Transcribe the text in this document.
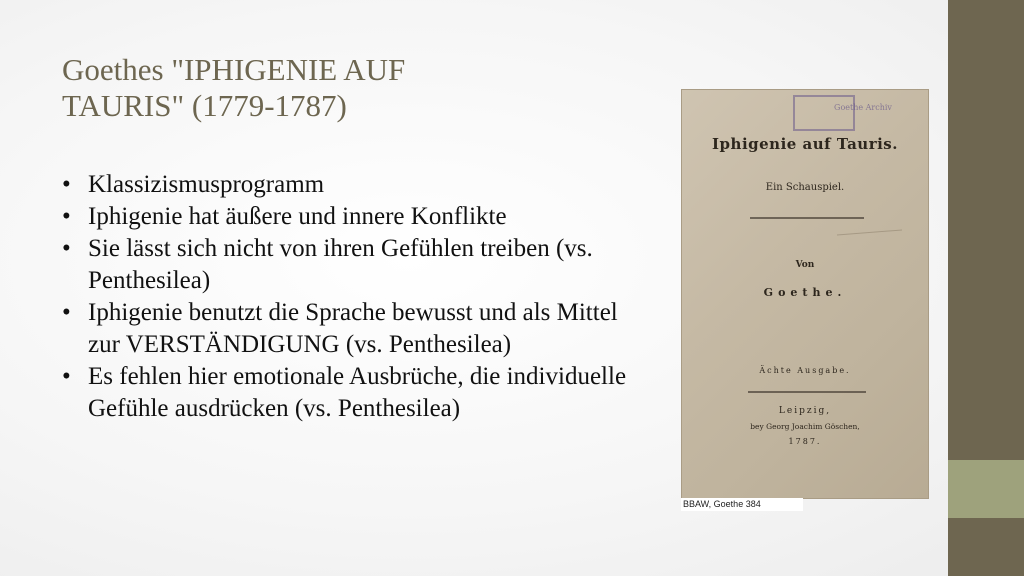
Goethes "IPHIGENIE AUF
TAURIS" (1779-1787)
• Klassizismusprogramm
• Iphigenie hat äußere und innere Konflikte
• Sie lässt sich nicht von ihren Gefühlen treiben (vs. Penthesilea)
• Iphigenie benutzt die Sprache bewusst und als Mittel zur VERSTÄNDIGUNG (vs. Penthesilea)
• Es fehlen hier emotionale Ausbrüche, die individuelle Gefühle ausdrücken (vs. Penthesilea)
Goethe Archiv
Iphigenie auf Tauris.
Ein Schauspiel.
Von
Goethe.
Ächte Ausgabe.
Leipzig,
bey Georg Joachim Göschen,
1787.
BBAW, Goethe 384
